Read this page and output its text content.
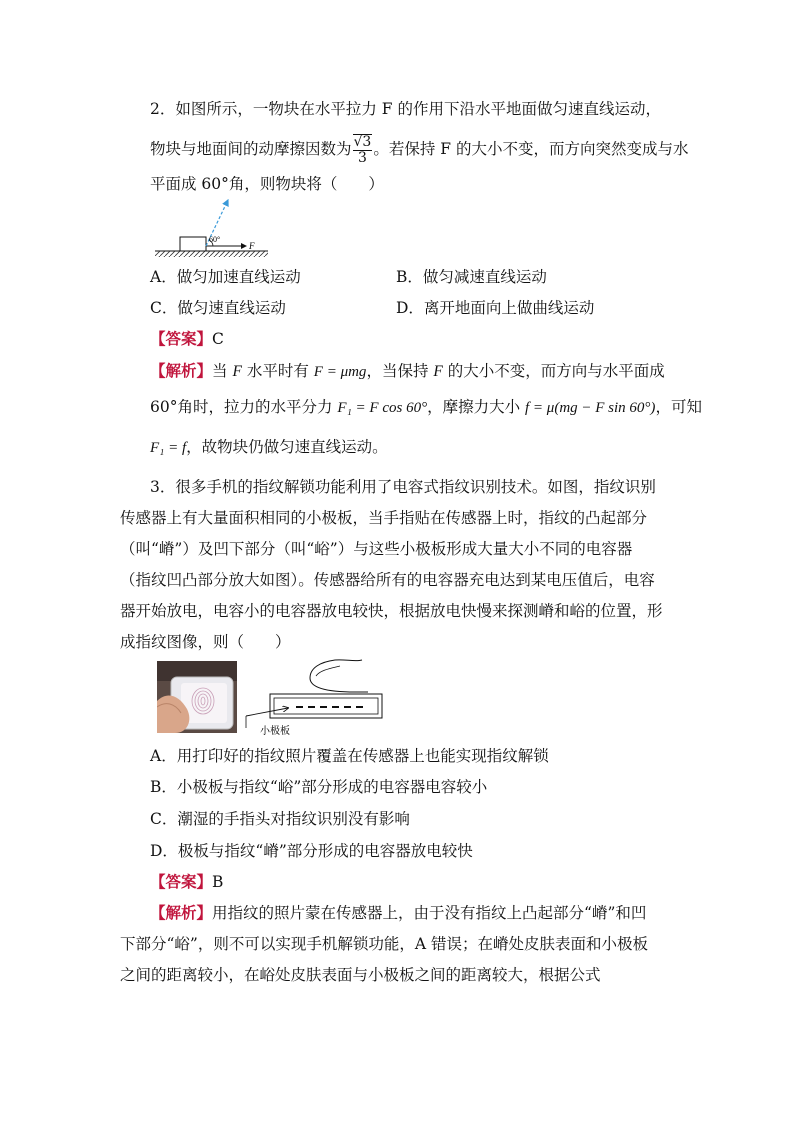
2．如图所示，一物块在水平拉力 F 的作用下沿水平地面做匀速直线运动，
物块与地面间的动摩擦因数为 $\frac{√3}{3}$ 。若保持 F 的大小不变，而方向突然变成与水
平面成 60°角，则物块将（　　）
60°
F
A．做匀加速直线运动	B．做匀减速直线运动
C．做匀速直线运动	D．离开地面向上做曲线运动
【答案】C
【解析】当 F 水平时有 F = μmg，当保持 F 的大小不变，而方向与水平面成
60°角时，拉力的水平分力 F₁ = F cos 60°，摩擦力大小 f = μ(mg − F sin 60°)，可知
F₁ = f，故物块仍做匀速直线运动。
3．很多手机的指纹解锁功能利用了电容式指纹识别技术。如图，指纹识别
传感器上有大量面积相同的小极板，当手指贴在传感器上时，指纹的凸起部分
（叫“嵴”）及凹下部分（叫“峪”）与这些小极板形成大量大小不同的电容器
（指纹凹凸部分放大如图）。传感器给所有的电容器充电达到某电压值后，电容
器开始放电，电容小的电容器放电较快，根据放电快慢来探测嵴和峪的位置，形
成指纹图像，则（　　）
小极板
A．用打印好的指纹照片覆盖在传感器上也能实现指纹解锁
B．小极板与指纹“峪”部分形成的电容器电容较小
C．潮湿的手指头对指纹识别没有影响
D．极板与指纹“嵴”部分形成的电容器放电较快
【答案】B
【解析】用指纹的照片蒙在传感器上，由于没有指纹上凸起部分“嵴”和凹
下部分“峪”，则不可以实现手机解锁功能，A 错误；在嵴处皮肤表面和小极板
之间的距离较小，在峪处皮肤表面与小极板之间的距离较大，根据公式
